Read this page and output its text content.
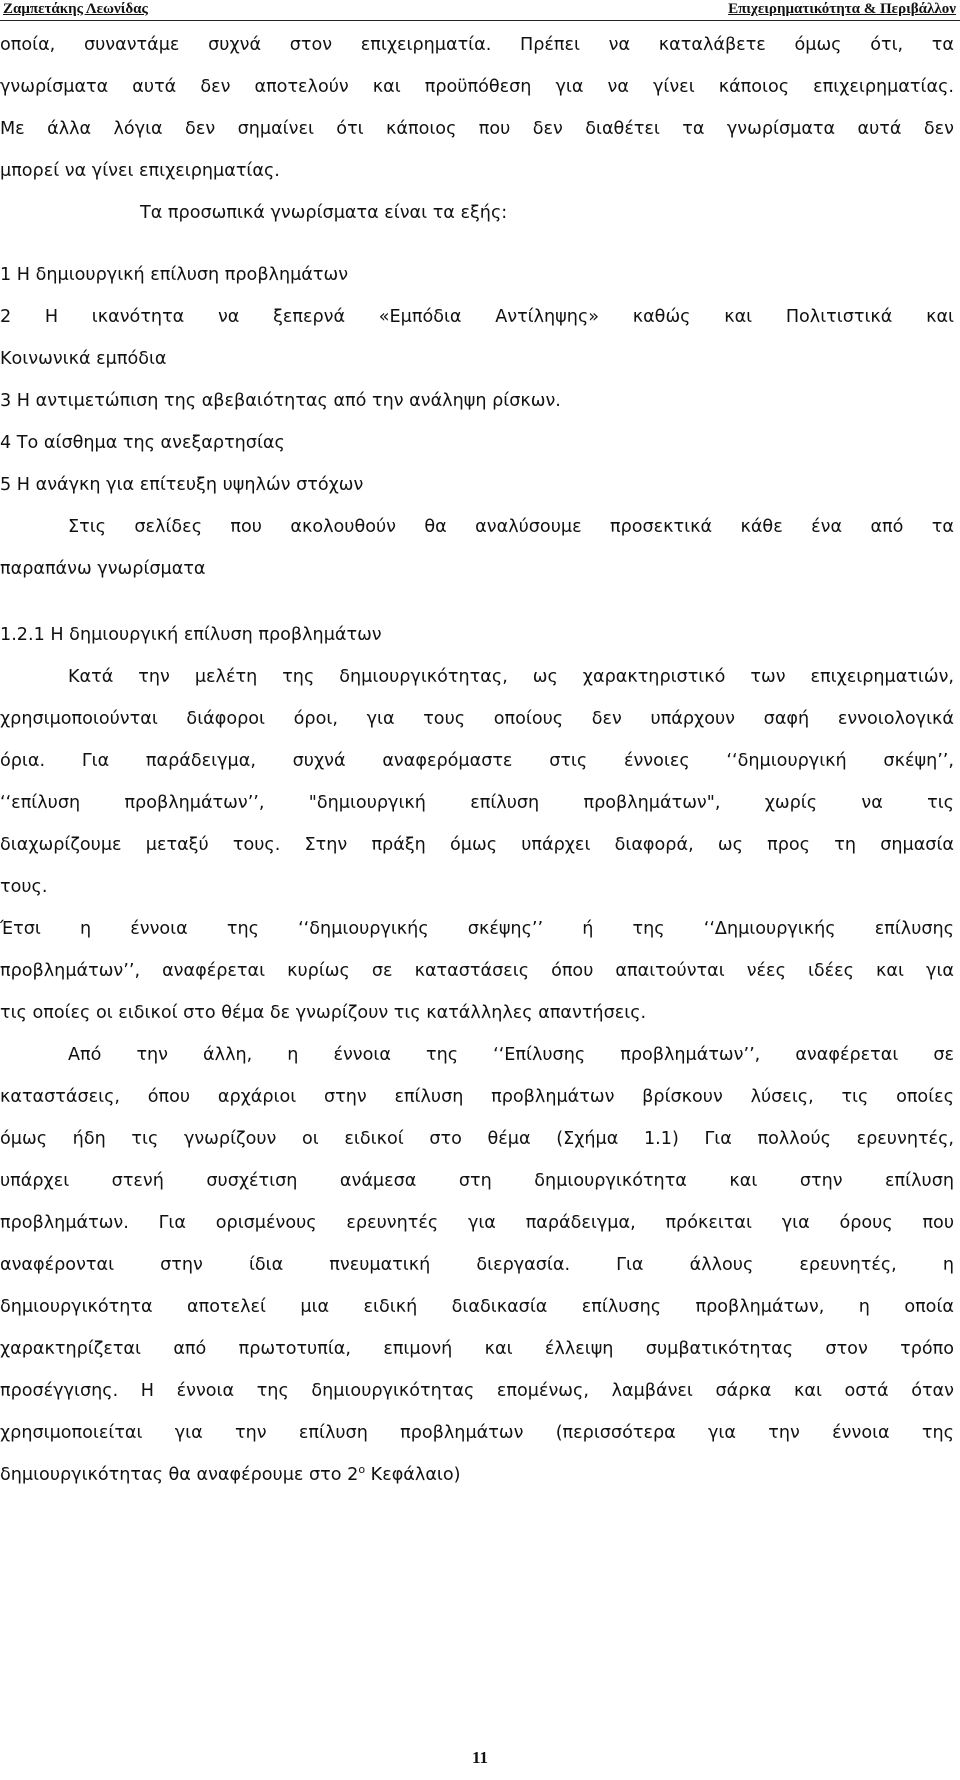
Ζαμπετάκης Λεωνίδας	Επιχειρηματικότητα & Περιβάλλον
οποία, συναντάμε συχνά στον επιχειρηματία. Πρέπει να καταλάβετε όμως ότι, τα
γνωρίσματα αυτά δεν αποτελούν και προϋπόθεση για να γίνει κάποιος επιχειρηματίας.
Με άλλα λόγια δεν σημαίνει ότι κάποιος που δεν διαθέτει τα γνωρίσματα αυτά δεν
μπορεί να γίνει επιχειρηματίας.
Τα προσωπικά γνωρίσματα είναι τα εξής:
1 Η δημιουργική επίλυση προβλημάτων
2 Η ικανότητα να ξεπερνά «Εμπόδια Αντίληψης» καθώς και Πολιτιστικά και
Κοινωνικά εμπόδια
3 Η αντιμετώπιση της αβεβαιότητας από την ανάληψη ρίσκων.
4 Το αίσθημα της ανεξαρτησίας
5 Η ανάγκη για επίτευξη υψηλών στόχων
Στις σελίδες που ακολουθούν θα αναλύσουμε προσεκτικά κάθε ένα από τα
παραπάνω γνωρίσματα
1.2.1 Η δημιουργική επίλυση προβλημάτων
Κατά την μελέτη της δημιουργικότητας, ως χαρακτηριστικό των επιχειρηματιών,
χρησιμοποιούνται διάφοροι όροι, για τους οποίους δεν υπάρχουν σαφή εννοιολογικά
όρια. Για παράδειγμα, συχνά αναφερόμαστε στις έννοιες ‘‘δημιουργική σκέψη’’,
‘‘επίλυση προβλημάτων’’, "δημιουργική επίλυση προβλημάτων", χωρίς να τις
διαχωρίζουμε μεταξύ τους. Στην πράξη όμως υπάρχει διαφορά, ως προς τη σημασία
τους.
Έτσι η έννοια της ‘‘δημιουργικής σκέψης’’ ή της ‘‘Δημιουργικής επίλυσης
προβλημάτων’’, αναφέρεται κυρίως σε καταστάσεις όπου απαιτούνται νέες ιδέες και για
τις οποίες οι ειδικοί στο θέμα δε γνωρίζουν τις κατάλληλες απαντήσεις.
Από την άλλη, η έννοια της ‘‘Επίλυσης προβλημάτων’’, αναφέρεται σε
καταστάσεις, όπου αρχάριοι στην επίλυση προβλημάτων βρίσκουν λύσεις, τις οποίες
όμως ήδη τις γνωρίζουν οι ειδικοί στο θέμα (Σχήμα 1.1) Για πολλούς ερευνητές,
υπάρχει στενή συσχέτιση ανάμεσα στη δημιουργικότητα και στην επίλυση
προβλημάτων. Για ορισμένους ερευνητές για παράδειγμα, πρόκειται για όρους που
αναφέρονται στην ίδια πνευματική διεργασία. Για άλλους ερευνητές, η
δημιουργικότητα αποτελεί μια ειδική διαδικασία επίλυσης προβλημάτων, η οποία
χαρακτηρίζεται από πρωτοτυπία, επιμονή και έλλειψη συμβατικότητας στον τρόπο
προσέγγισης. Η έννοια της δημιουργικότητας επομένως, λαμβάνει σάρκα και οστά όταν
χρησιμοποιείται για την επίλυση προβλημάτων (περισσότερα για την έννοια της
δημιουργικότητας θα αναφέρουμε στο $2^o$ Κεφάλαιο)
11
